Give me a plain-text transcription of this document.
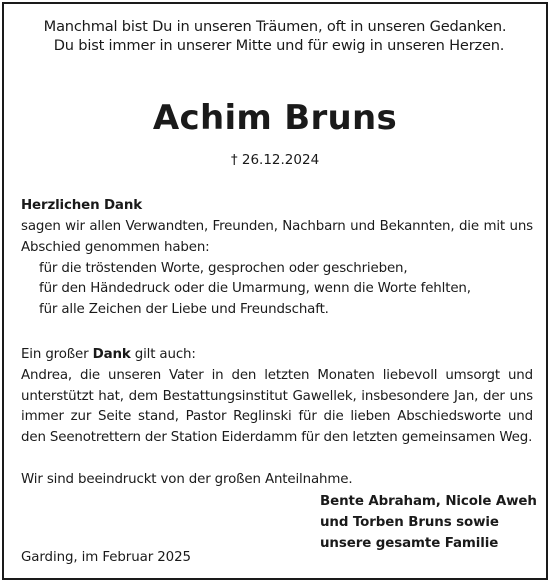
Manchmal bist Du in unseren Träumen, oft in unseren Gedanken.
Du bist immer in unserer Mitte und für ewig in unseren Herzen.
Achim Bruns
† 26.12.2024
Herzlichen Dank
sagen wir allen Verwandten, Freunden, Nachbarn und Bekannten, die mit uns Abschied genommen haben:
für die tröstenden Worte, gesprochen oder geschrieben,
für den Händedruck oder die Umarmung, wenn die Worte fehlten,
für alle Zeichen der Liebe und Freundschaft.
Ein großer Dank gilt auch:
Andrea, die unseren Vater in den letzten Monaten liebevoll umsorgt und unterstützt hat, dem Bestattungsinstitut Gawellek, insbesondere Jan, der uns immer zur Seite stand, Pastor Reglinski für die lieben Abschiedsworte und den Seenotrettern der Station Eiderdamm für den letzten gemeinsamen Weg.
Wir sind beeindruckt von der großen Anteilnahme.
Bente Abraham, Nicole Aweh
und Torben Bruns sowie
unsere gesamte Familie
Garding, im Februar 2025
